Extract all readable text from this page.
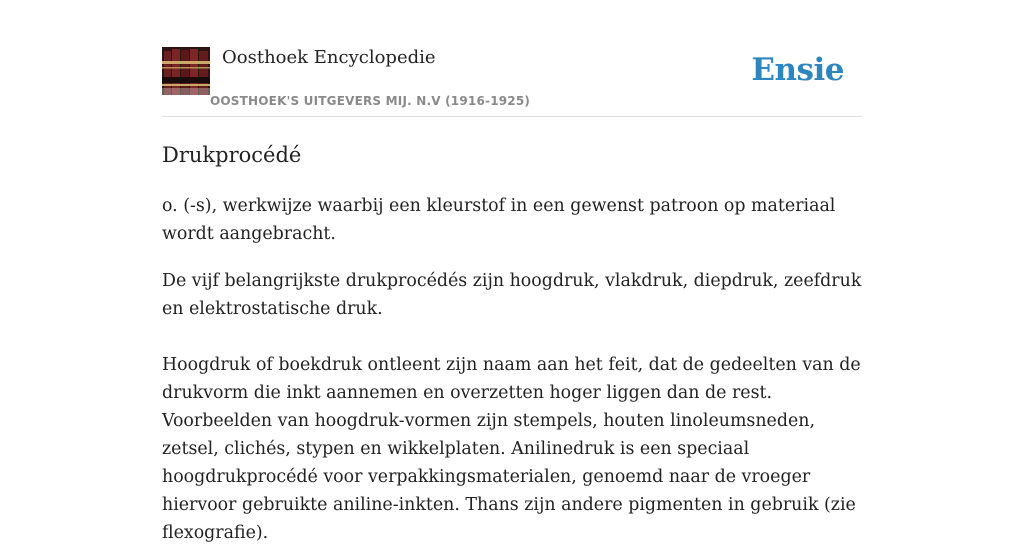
Oosthoek Encyclopedie
OOSTHOEK'S UITGEVERS MIJ. N.V (1916-1925)
Ensie
Drukprocédé

o. (-s), werkwijze waarbij een kleurstof in een gewenst patroon op materiaal wordt aangebracht.

De vijf belangrijkste drukprocédés zijn hoogdruk, vlakdruk, diepdruk, zeefdruk en elektrostatische druk.

Hoogdruk of boekdruk ontleent zijn naam aan het feit, dat de gedeelten van de drukvorm die inkt aannemen en overzetten hoger liggen dan de rest. Voorbeelden van hoogdruk-vormen zijn stempels, houten linoleumsneden, zetsel, clichés, stypen en wikkelplaten. Anilinedruk is een speciaal hoogdrukprocédé voor verpakkingsmaterialen, genoemd naar de vroeger hiervoor gebruikte aniline-inkten. Thans zijn andere pigmenten in gebruik (zie flexografie).
